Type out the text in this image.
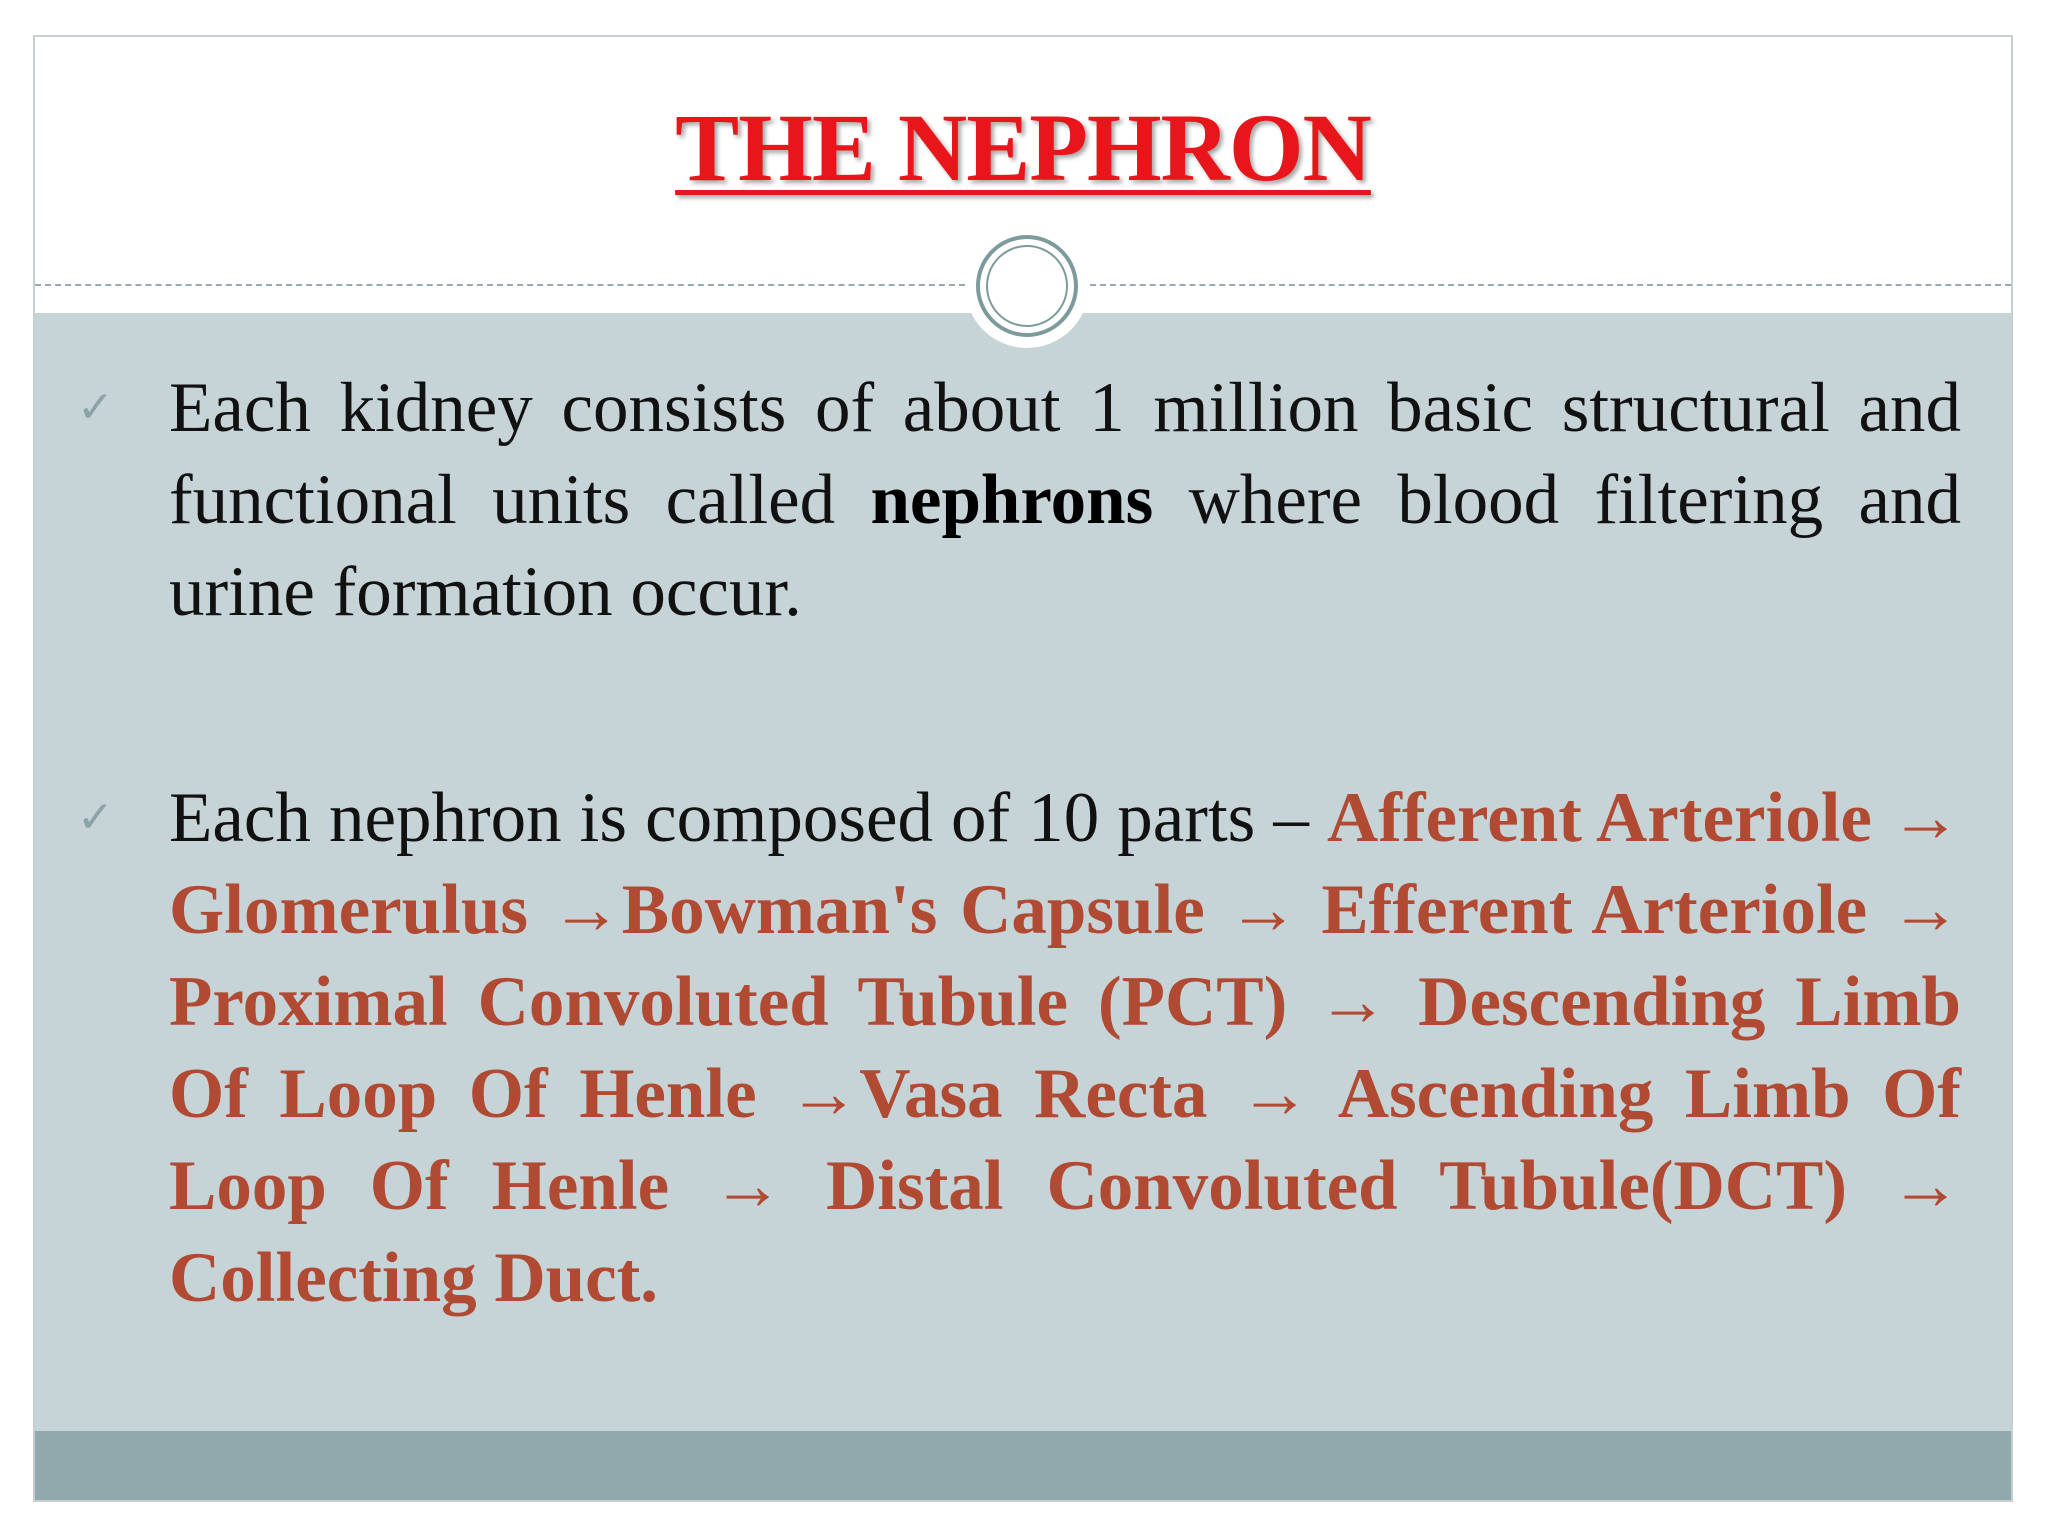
THE NEPHRON
✓ Each kidney consists of about 1 million basic structural and functional units called nephrons where blood filtering and urine formation occur.
✓ Each nephron is composed of 10 parts – Afferent Arteriole → Glomerulus →Bowman's Capsule → Efferent Arteriole → Proximal Convoluted Tubule (PCT) → Descending Limb Of Loop Of Henle →Vasa Recta → Ascending Limb Of Loop Of Henle → Distal Convoluted Tubule(DCT) → Collecting Duct.
